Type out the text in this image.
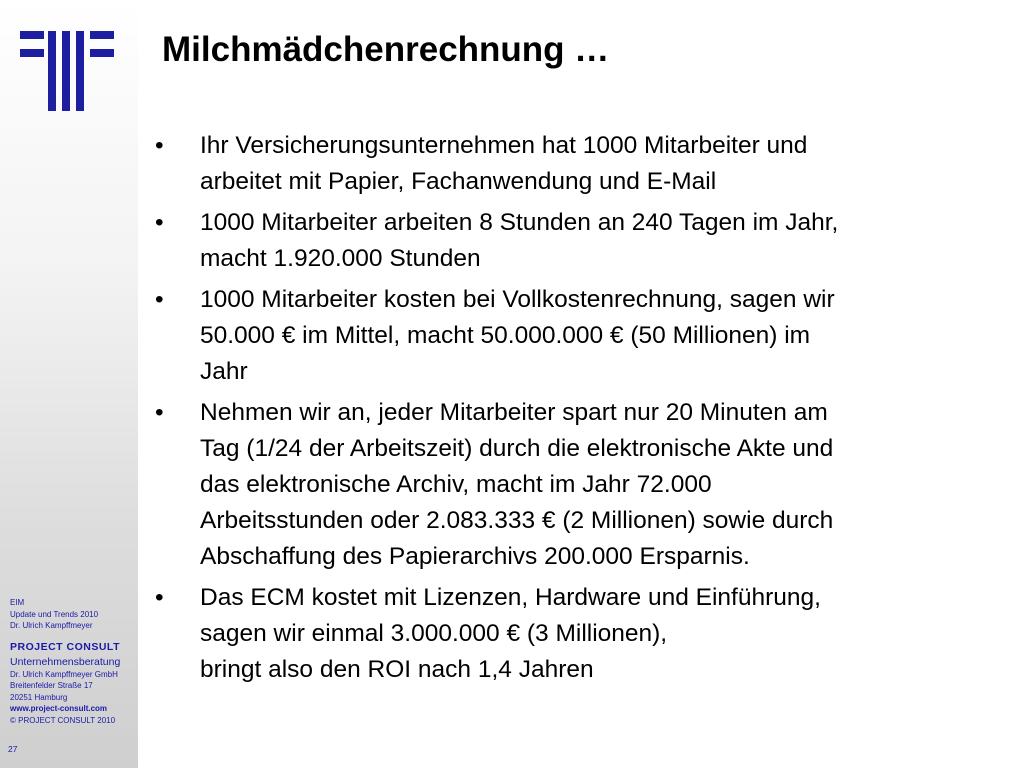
EIM
Update und Trends 2010
Dr. Ulrich Kampffmeyer
PROJECT CONSULT
Unternehmensberatung
Dr. Ulrich Kampffmeyer GmbH
Breitenfelder Straße 17
20251 Hamburg
www.project-consult.com
© PROJECT CONSULT 2010
27
Milchmädchenrechnung …
• Ihr Versicherungsunternehmen hat 1000 Mitarbeiter und
arbeitet mit Papier, Fachanwendung und E-Mail
• 1000 Mitarbeiter arbeiten 8 Stunden an 240 Tagen im Jahr,
macht 1.920.000 Stunden
• 1000 Mitarbeiter kosten bei Vollkostenrechnung, sagen wir
50.000 € im Mittel, macht 50.000.000 € (50 Millionen) im
Jahr
• Nehmen wir an, jeder Mitarbeiter spart nur 20 Minuten am
Tag (1/24 der Arbeitszeit) durch die elektronische Akte und
das elektronische Archiv, macht im Jahr 72.000
Arbeitsstunden oder 2.083.333 € (2 Millionen) sowie durch
Abschaffung des Papierarchivs 200.000 Ersparnis.
• Das ECM kostet mit Lizenzen, Hardware und Einführung,
sagen wir einmal 3.000.000 € (3 Millionen),
bringt also den ROI nach 1,4 Jahren
